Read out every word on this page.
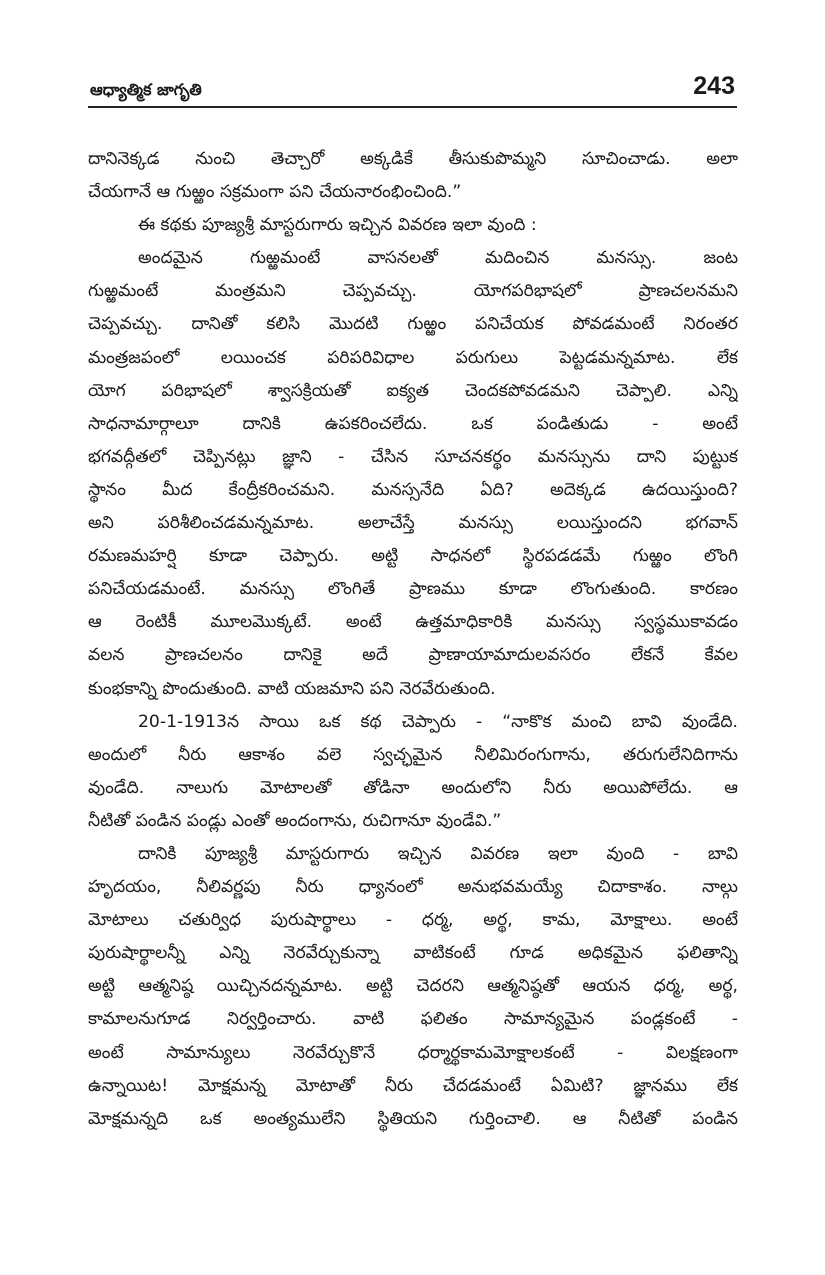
ఆధ్యాత్మిక జాగృతి	243
దానినెక్కడ నుంచి తెచ్చారో అక్కడికే తీసుకుపొమ్మని సూచించాడు. అలా
చేయగానే ఆ గుఱ్ఱం సక్రమంగా పని చేయనారంభించింది.”
ఈ కథకు పూజ్యశ్రీ మాస్టరుగారు ఇచ్చిన వివరణ ఇలా వుంది :
అందమైన గుఱ్ఱమంటే వాసనలతో మదించిన మనస్సు. జంట
గుఱ్ఱమంటే మంత్రమని చెప్పవచ్చు. యోగపరిభాషలో ప్రాణచలనమని
చెప్పవచ్చు. దానితో కలిసి మొదటి గుఱ్ఱం పనిచేయక పోవడమంటే నిరంతర
మంత్రజపంలో లయించక పరిపరివిధాల పరుగులు పెట్టడమన్నమాట. లేక
యోగ పరిభాషలో శ్వాసక్రియతో ఐక్యత చెందకపోవడమని చెప్పాలి. ఎన్ని
సాధనామార్గాలూ దానికి ఉపకరించలేదు. ఒక పండితుడు - అంటే
భగవద్గీతలో చెప్పినట్లు జ్ఞాని - చేసిన సూచనకర్థం మనస్సును దాని పుట్టుక
స్థానం మీద కేంద్రీకరించమని. మనస్సనేది ఏది? అదెక్కడ ఉదయిస్తుంది?
అని పరిశీలించడమన్నమాట. అలాచేస్తే మనస్సు లయిస్తుందని భగవాన్
రమణమహర్షి కూడా చెప్పారు. అట్టి సాధనలో స్థిరపడడమే గుఱ్ఱం లొంగి
పనిచేయడమంటే. మనస్సు లొంగితే ప్రాణము కూడా లొంగుతుంది. కారణం
ఆ రెంటికీ మూలమొక్కటే. అంటే ఉత్తమాధికారికి మనస్సు స్వస్థముకావడం
వలన ప్రాణచలనం దానికై అదే ప్రాణాయామాదులవసరం లేకనే కేవల
కుంభకాన్ని పొందుతుంది. వాటి యజమాని పని నెరవేరుతుంది.
20-1-1913న సాయి ఒక కథ చెప్పారు - “నాకొక మంచి బావి వుండేది.
అందులో నీరు ఆకాశం వలె స్వచ్ఛమైన నీలిమిరంగుగాను, తరుగులేనిదిగాను
వుండేది. నాలుగు మోటాలతో తోడినా అందులోని నీరు అయిపోలేదు. ఆ
నీటితో పండిన పండ్లు ఎంతో అందంగాను, రుచిగానూ వుండేవి.”
దానికి పూజ్యశ్రీ మాస్టరుగారు ఇచ్చిన వివరణ ఇలా వుంది - బావి
హృదయం, నీలివర్ణపు నీరు ధ్యానంలో అనుభవమయ్యే చిదాకాశం. నాల్గు
మోటాలు చతుర్విధ పురుషార్థాలు - ధర్మ, అర్థ, కామ, మోక్షాలు. అంటే
పురుషార్థాలన్నీ ఎన్ని నెరవేర్చుకున్నా వాటికంటే గూడ అధికమైన ఫలితాన్ని
అట్టి ఆత్మనిష్ఠ యిచ్చినదన్నమాట. అట్టి చెదరని ఆత్మనిష్ఠతో ఆయన ధర్మ, అర్థ,
కామాలనుగూడ నిర్వర్తించారు. వాటి ఫలితం సామాన్యమైన పండ్లకంటే -
అంటే సామాన్యులు నెరవేర్చుకొనే ధర్మార్థకామమోక్షాలకంటే - విలక్షణంగా
ఉన్నాయిట! మోక్షమన్న మోటాతో నీరు చేదడమంటే ఏమిటి? జ్ఞానము లేక
మోక్షమన్నది ఒక అంత్యములేని స్థితియని గుర్తించాలి. ఆ నీటితో పండిన
